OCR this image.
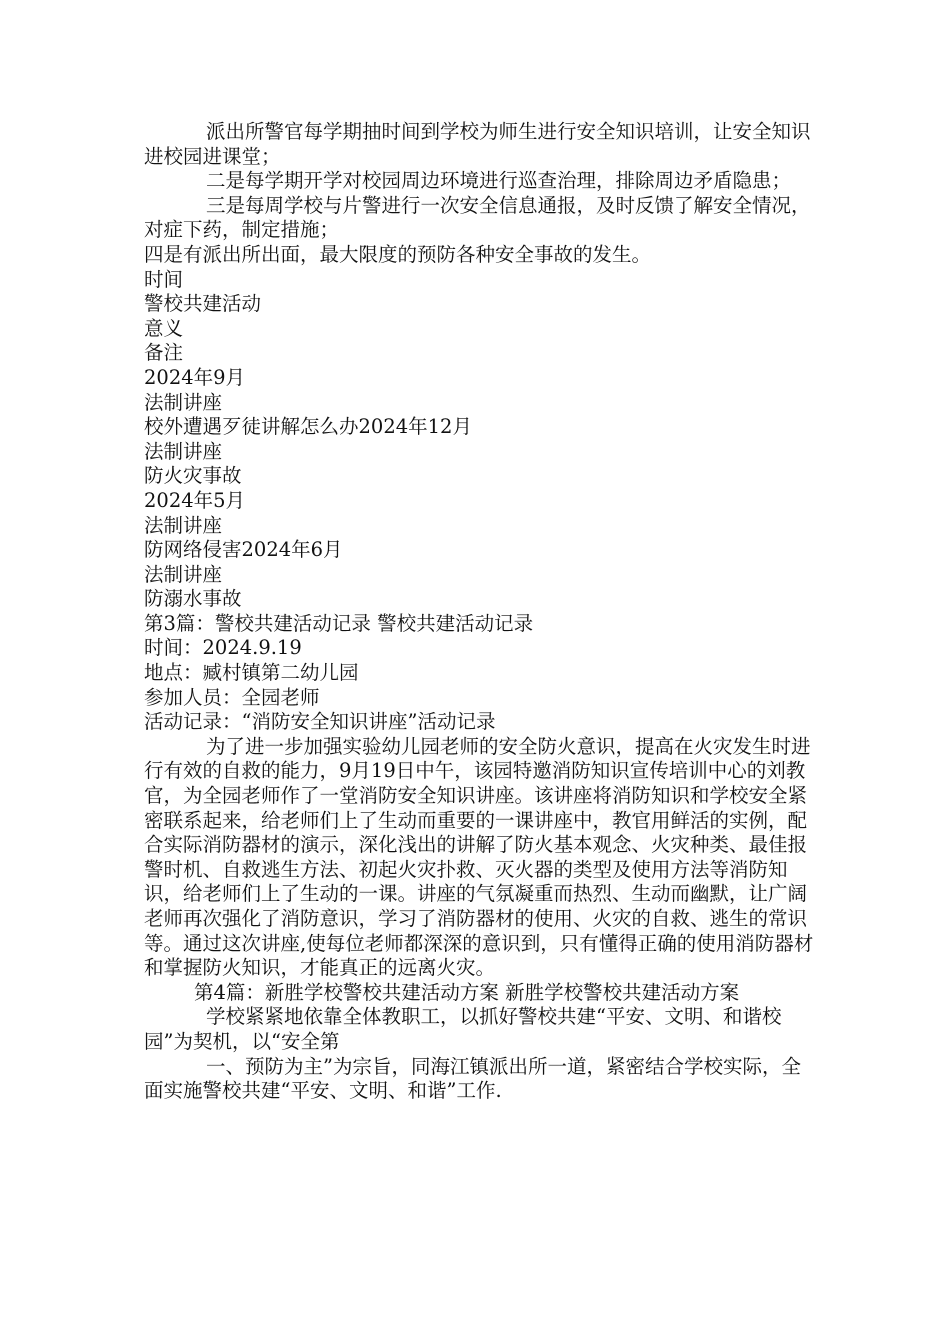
派出所警官每学期抽时间到学校为师生进行安全知识培训，让安全知识进校园进课堂；

二是每学期开学对校园周边环境进行巡查治理，排除周边矛盾隐患；

三是每周学校与片警进行一次安全信息通报，及时反馈了解安全情况，对症下药，制定措施；

四是有派出所出面，最大限度的预防各种安全事故的发生。

时间

警校共建活动

意义

备注

2024年9月

法制讲座

校外遭遇歹徒讲解怎么办2024年12月

法制讲座

防火灾事故

2024年5月

法制讲座

防网络侵害2024年6月

法制讲座

防溺水事故

第3篇：警校共建活动记录 警校共建活动记录

时间：2024.9.19

地点：臧村镇第二幼儿园

参加人员：全园老师

活动记录：“消防安全知识讲座”活动记录

为了进一步加强实验幼儿园老师的安全防火意识，提高在火灾发生时进行有效的自救的能力，9月19日中午，该园特邀消防知识宣传培训中心的刘教官，为全园老师作了一堂消防安全知识讲座。该讲座将消防知识和学校安全紧密联系起来，给老师们上了生动而重要的一课讲座中，教官用鲜活的实例，配合实际消防器材的演示，深化浅出的讲解了防火基本观念、火灾种类、最佳报警时机、自救逃生方法、初起火灾扑救、灭火器的类型及使用方法等消防知识，给老师们上了生动的一课。讲座的气氛凝重而热烈、生动而幽默，让广阔老师再次强化了消防意识，学习了消防器材的使用、火灾的自救、逃生的常识等。通过这次讲座,使每位老师都深深的意识到，只有懂得正确的使用消防器材和掌握防火知识，才能真正的远离火灾。

第4篇：新胜学校警校共建活动方案 新胜学校警校共建活动方案

学校紧紧地依靠全体教职工，以抓好警校共建“平安、文明、和谐校园”为契机，以“安全第

一、预防为主”为宗旨，同海江镇派出所一道，紧密结合学校实际，全面实施警校共建“平安、文明、和谐”工作.
